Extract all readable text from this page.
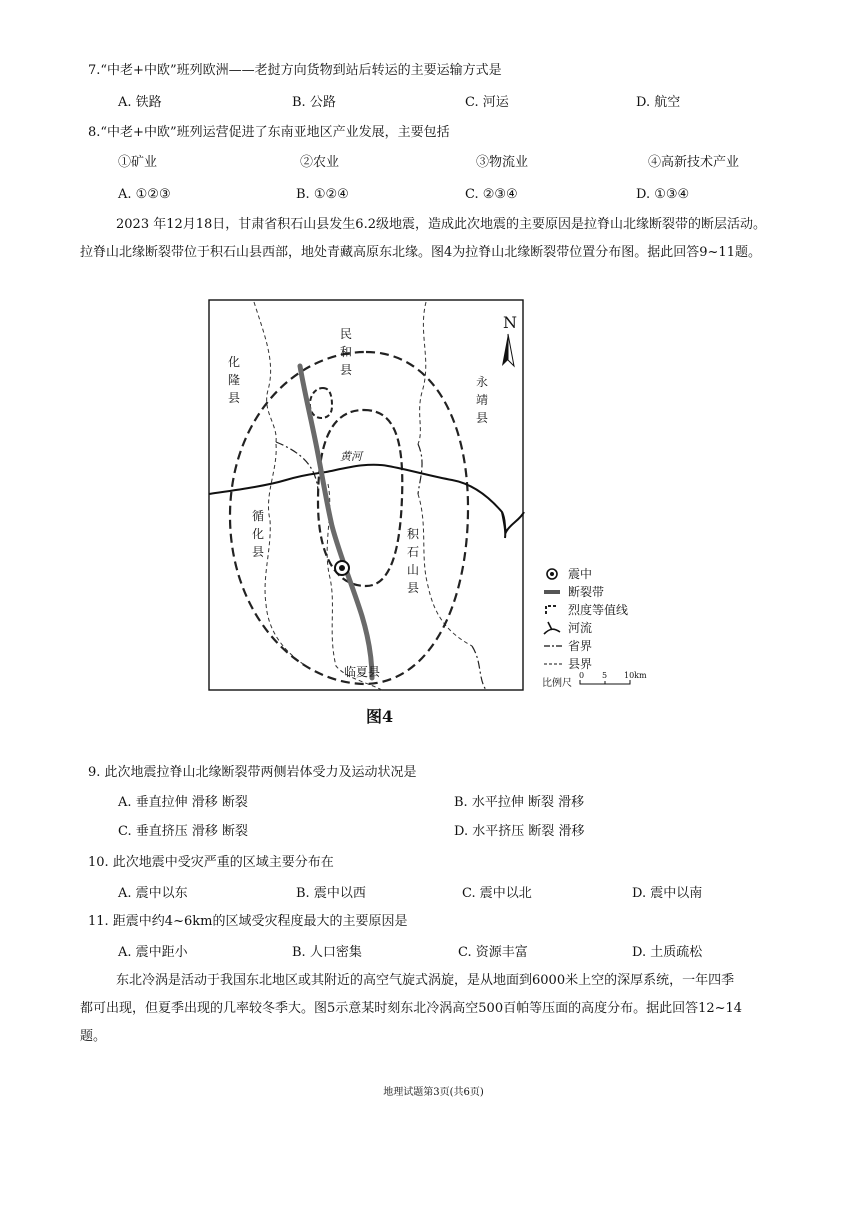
7.“中老+中欧”班列欧洲——老挝方向货物到站后转运的主要运输方式是
A. 铁路	B. 公路	C. 河运	D. 航空
8.“中老+中欧”班列运营促进了东南亚地区产业发展，主要包括
①矿业	②农业	③物流业	④高新技术产业
A. ①②③	B. ①②④	C. ②③④	D. ①③④
2023 年12月18日，甘肃省积石山县发生6.2级地震，造成此次地震的主要原因是拉脊山北缘断裂带的断层活动。
拉脊山北缘断裂带位于积石山县西部，地处青藏高原东北缘。图4为拉脊山北缘断裂带位置分布图。据此回答9~11题。
N
化隆县
民和县
永靖县
循化县
积石山县
临夏县
黄河
震中
断裂带
烈度等值线
河流
省界
县界
比例尺
0 5 10km
图4
9. 此次地震拉脊山北缘断裂带两侧岩体受力及运动状况是
A. 垂直拉伸 滑移 断裂	B. 水平拉伸 断裂 滑移
C. 垂直挤压 滑移 断裂	D. 水平挤压 断裂 滑移
10. 此次地震中受灾严重的区域主要分布在
A. 震中以东	B. 震中以西	C. 震中以北	D. 震中以南
11. 距震中约4~6km的区域受灾程度最大的主要原因是
A. 震中距小	B. 人口密集	C. 资源丰富	D. 土质疏松
东北冷涡是活动于我国东北地区或其附近的高空气旋式涡旋，是从地面到6000米上空的深厚系统，一年四季
都可出现，但夏季出现的几率较冬季大。图5示意某时刻东北冷涡高空500百帕等压面的高度分布。据此回答12~14
题。
地理试题第3页(共6页)
